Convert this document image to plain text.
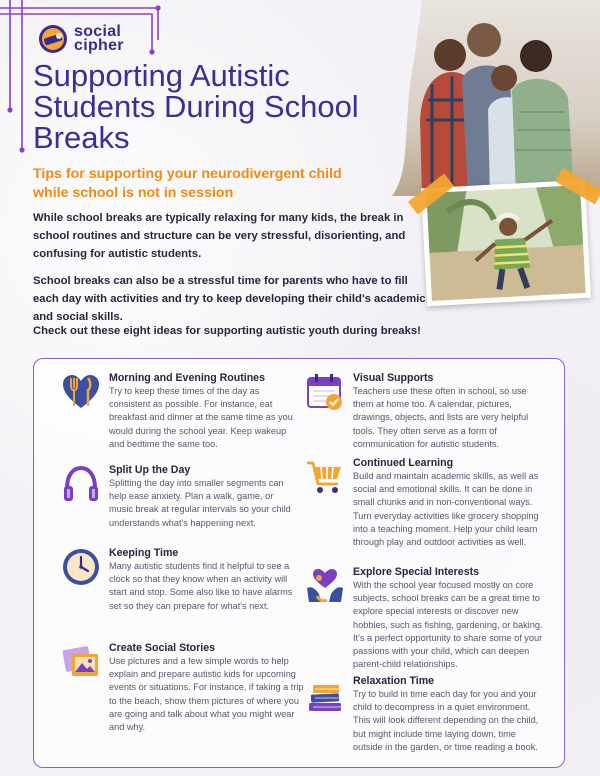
social
cipher
Supporting Autistic Students During School Breaks

Tips for supporting your neurodivergent child while school is not in session

While school breaks are typically relaxing for many kids, the break in school routines and structure can be very stressful, disorienting, and confusing for autistic students.

School breaks can also be a stressful time for parents who have to fill each day with activities and try to keep developing their child's academic and social skills.

Check out these eight ideas for supporting autistic youth during breaks!

Morning and Evening Routines

Try to keep these times of the day as consistent as possible. For instance, eat breakfast and dinner at the same time as you would during the school year. Keep wakeup and bedtime the same too.

Split Up the Day

Splitting the day into smaller segments can help ease anxiety. Plan a walk, game, or music break at regular intervals so your child understands what's happening next.

Keeping Time

Many autistic students find it helpful to see a clock so that they know when an activity will start and stop. Some also like to have alarms set so they can prepare for what's next.

Create Social Stories

Use pictures and a few simple words to help explain and prepare autistic kids for upcoming events or situations. For instance, if taking a trip to the beach, show them pictures of where you are going and talk about what you might wear and why.

Visual Supports

Teachers use these often in school, so use them at home too. A calendar, pictures, drawings, objects, and lists are very helpful tools. They often serve as a form of communication for autistic students.

Continued Learning

Build and maintain academic skills, as well as social and emotional skills. It can be done in small chunks and in non-conventional ways. Turn everyday activities like grocery shopping into a teaching moment. Help your child learn through play and outdoor activities as well.

Explore Special Interests

With the school year focused mostly on core subjects, school breaks can be a great time to explore special interests or discover new hobbies, such as fishing, gardening, or baking. It's a perfect opportunity to share some of your passions with your child, which can deepen parent-child relationships.

Relaxation Time

Try to build in time each day for you and your child to decompress in a quiet environment. This will look different depending on the child, but might include time laying down, time outside in the garden, or time reading a book.
